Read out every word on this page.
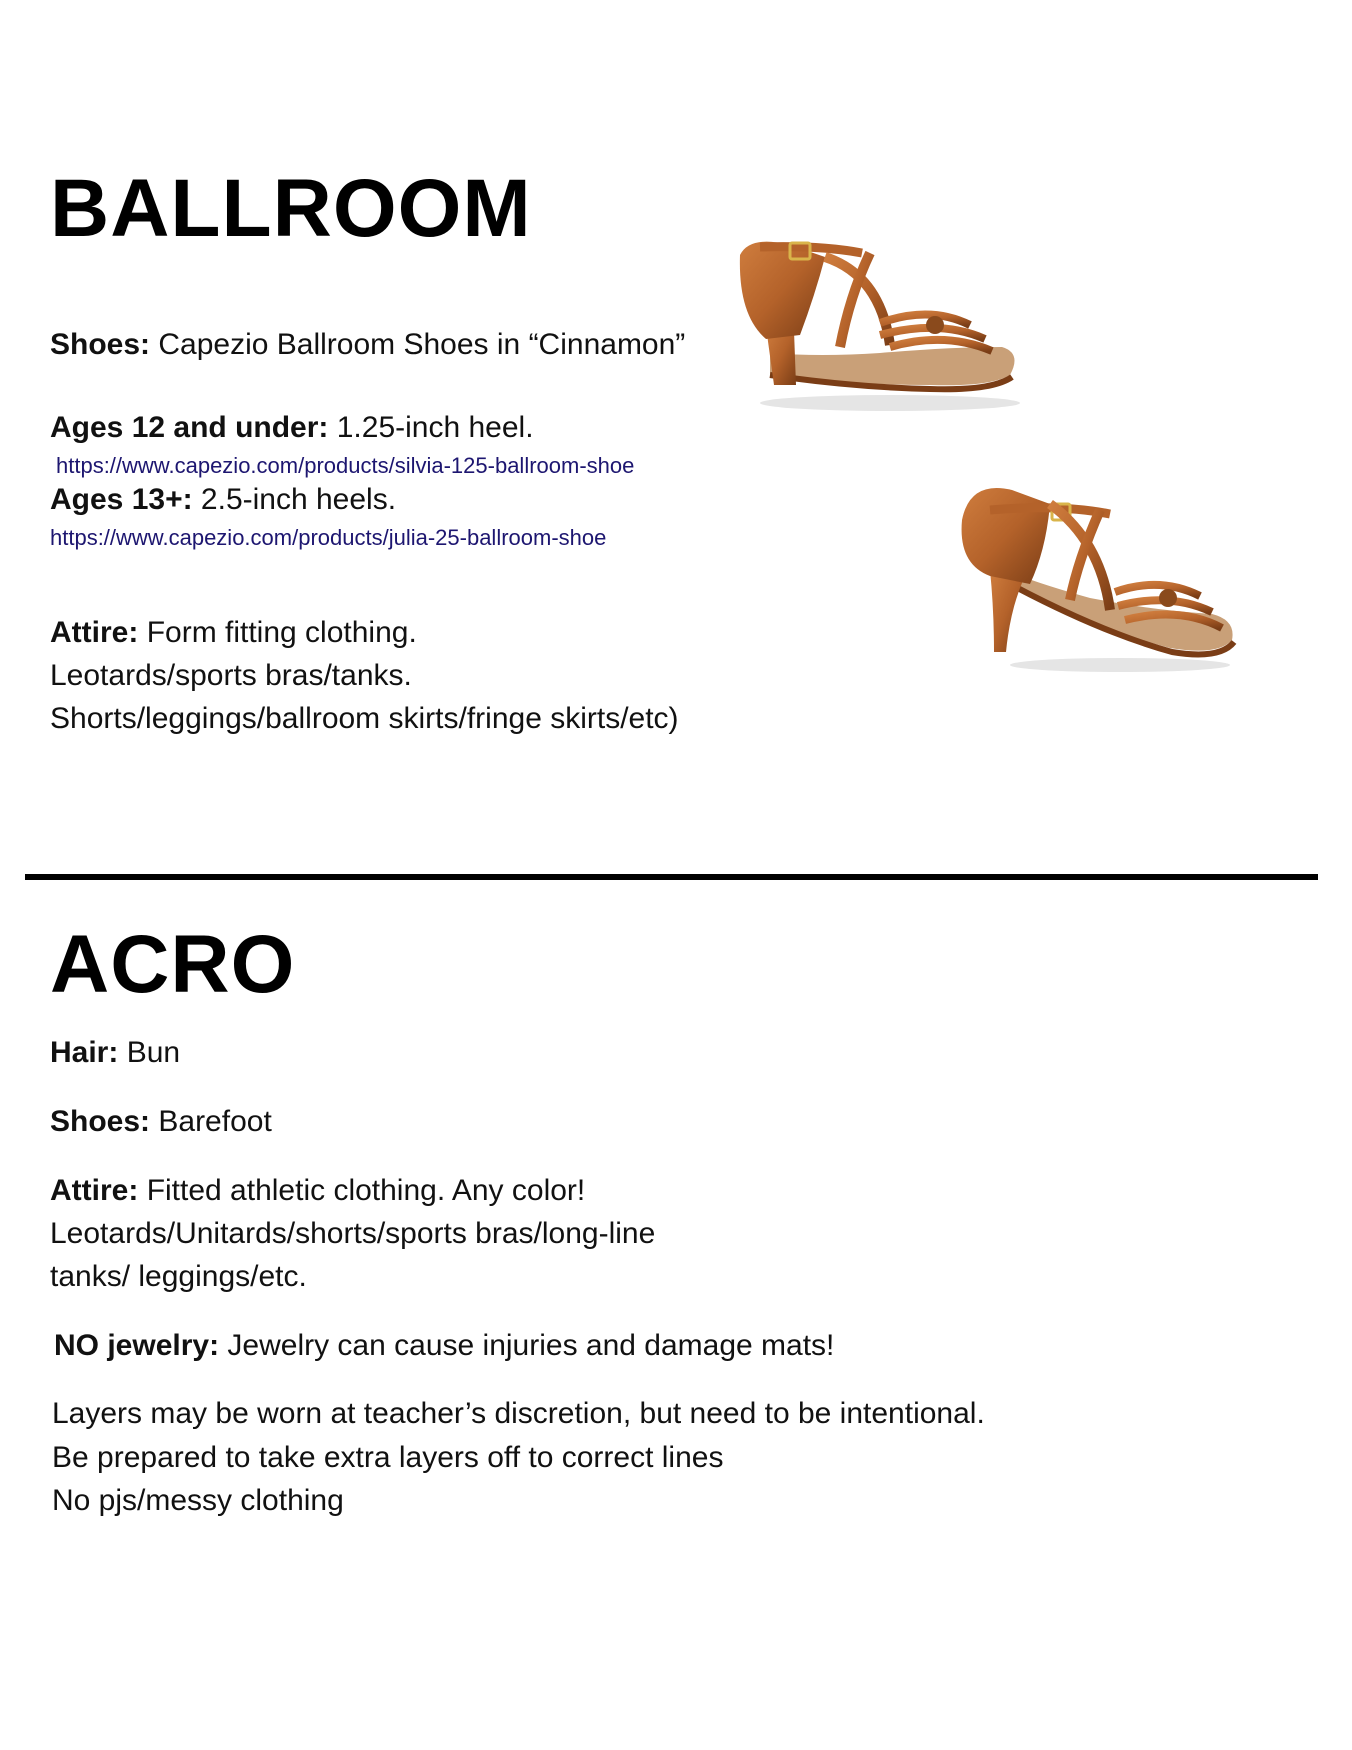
BALLROOM
Shoes: Capezio Ballroom Shoes in “Cinnamon”
Ages 12 and under: 1.25-inch heel.
https://www.capezio.com/products/silvia-125-ballroom-shoe
Ages 13+: 2.5-inch heels.
https://www.capezio.com/products/julia-25-ballroom-shoe
Attire: Form fitting clothing.
Leotards/sports bras/tanks.
Shorts/leggings/ballroom skirts/fringe skirts/etc)
ACRO
Hair: Bun
Shoes: Barefoot
Attire: Fitted athletic clothing. Any color!
Leotards/Unitards/shorts/sports bras/long-line
tanks/ leggings/etc.
NO jewelry: Jewelry can cause injuries and damage mats!
Layers may be worn at teacher’s discretion, but need to be intentional.
Be prepared to take extra layers off to correct lines
No pjs/messy clothing
